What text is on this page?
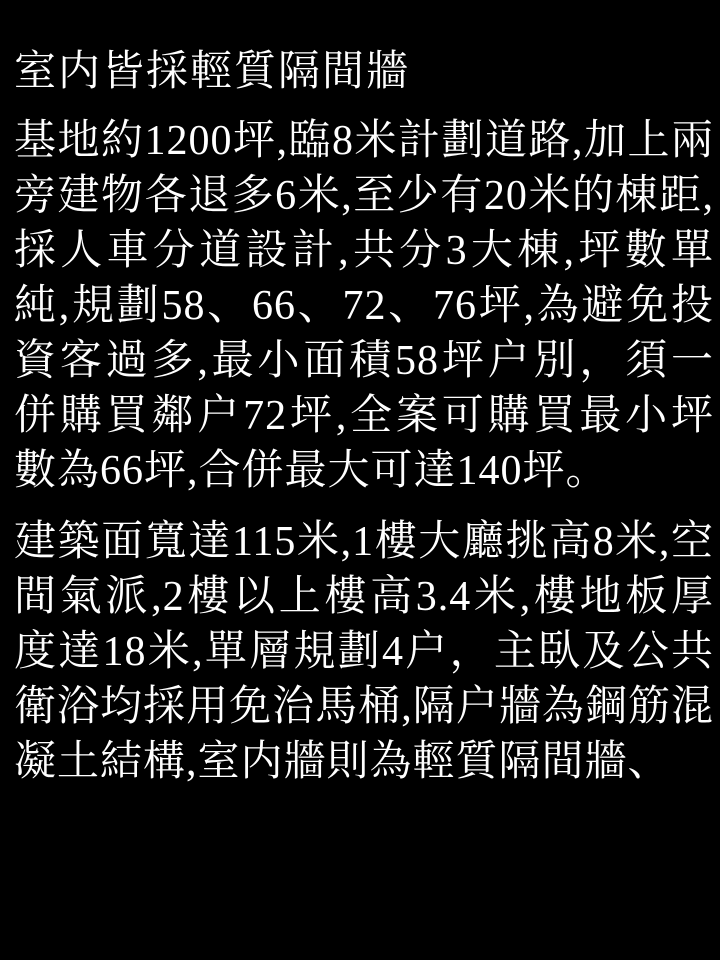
室内皆採輕質隔間牆

基地約1200坪,臨8米計劃道路,加上兩旁建物各退多6米,至少有20米的棟距,採人車分道設計,共分3大棟,坪數單純,規劃58、66、72、76坪,為避免投資客過多,最小面積58坪户別，須一併購買鄰户72坪,全案可購買最小坪數為66坪,合併最大可達140坪。

建築面寬達115米,1樓大廳挑高8米,空間氣派,2樓以上樓高3.4米,樓地板厚度達18米,單層規劃4户，主臥及公共衛浴均採用免治馬桶,隔户牆為鋼筋混凝土結構,室内牆則為輕質隔間牆、
